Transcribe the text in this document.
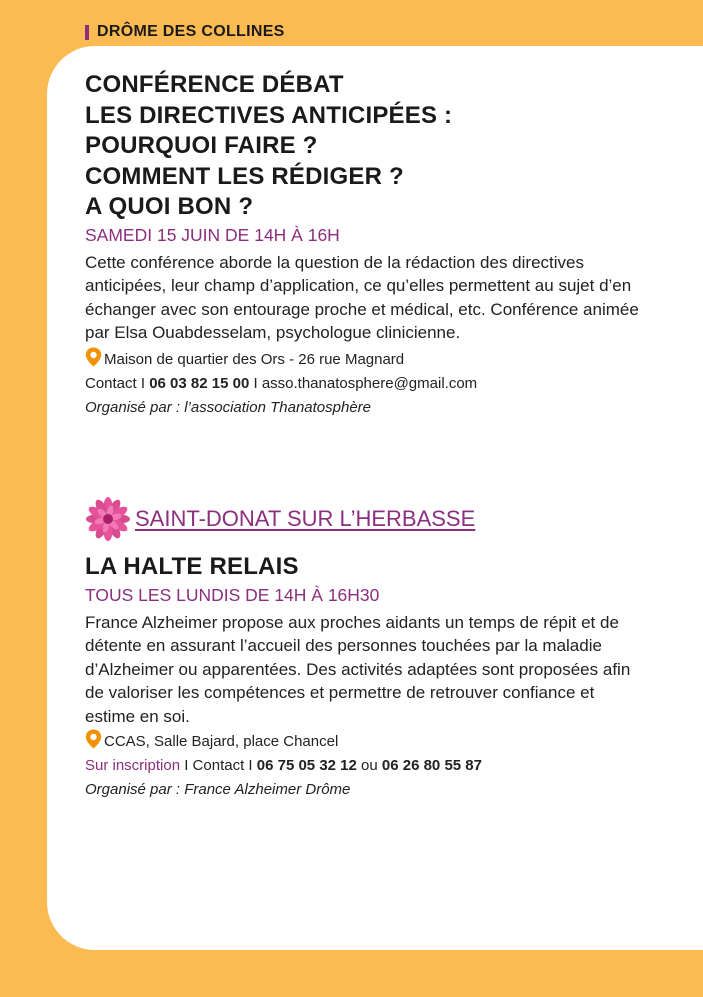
DRÔME DES COLLINES
CONFÉRENCE DÉBAT
LES DIRECTIVES ANTICIPÉES :
POURQUOI FAIRE ?
COMMENT LES RÉDIGER ?
A QUOI BON ?
SAMEDI 15 JUIN DE 14H À 16H

Cette conférence aborde la question de la rédaction des directives anticipées, leur champ d’application, ce qu’elles permettent au sujet d’en échanger avec son entourage proche et médical, etc. Conférence animée par Elsa Ouabdesselam, psychologue clinicienne.

Maison de quartier des Ors - 26 rue Magnard
Contact I 06 03 82 15 00 I asso.thanatosphere@gmail.com
Organisé par : l’association Thanatosphère
SAINT-DONAT SUR L’HERBASSE
LA HALTE RELAIS
TOUS LES LUNDIS DE 14H À 16H30

France Alzheimer propose aux proches aidants un temps de répit et de détente en assurant l’accueil des personnes touchées par la maladie d’Alzheimer ou apparentées. Des activités adaptées sont proposées afin de valoriser les compétences et permettre de retrouver confiance et estime en soi.

CCAS, Salle Bajard, place Chancel
Sur inscription I Contact I 06 75 05 32 12 ou 06 26 80 55 87
Organisé par : France Alzheimer Drôme
